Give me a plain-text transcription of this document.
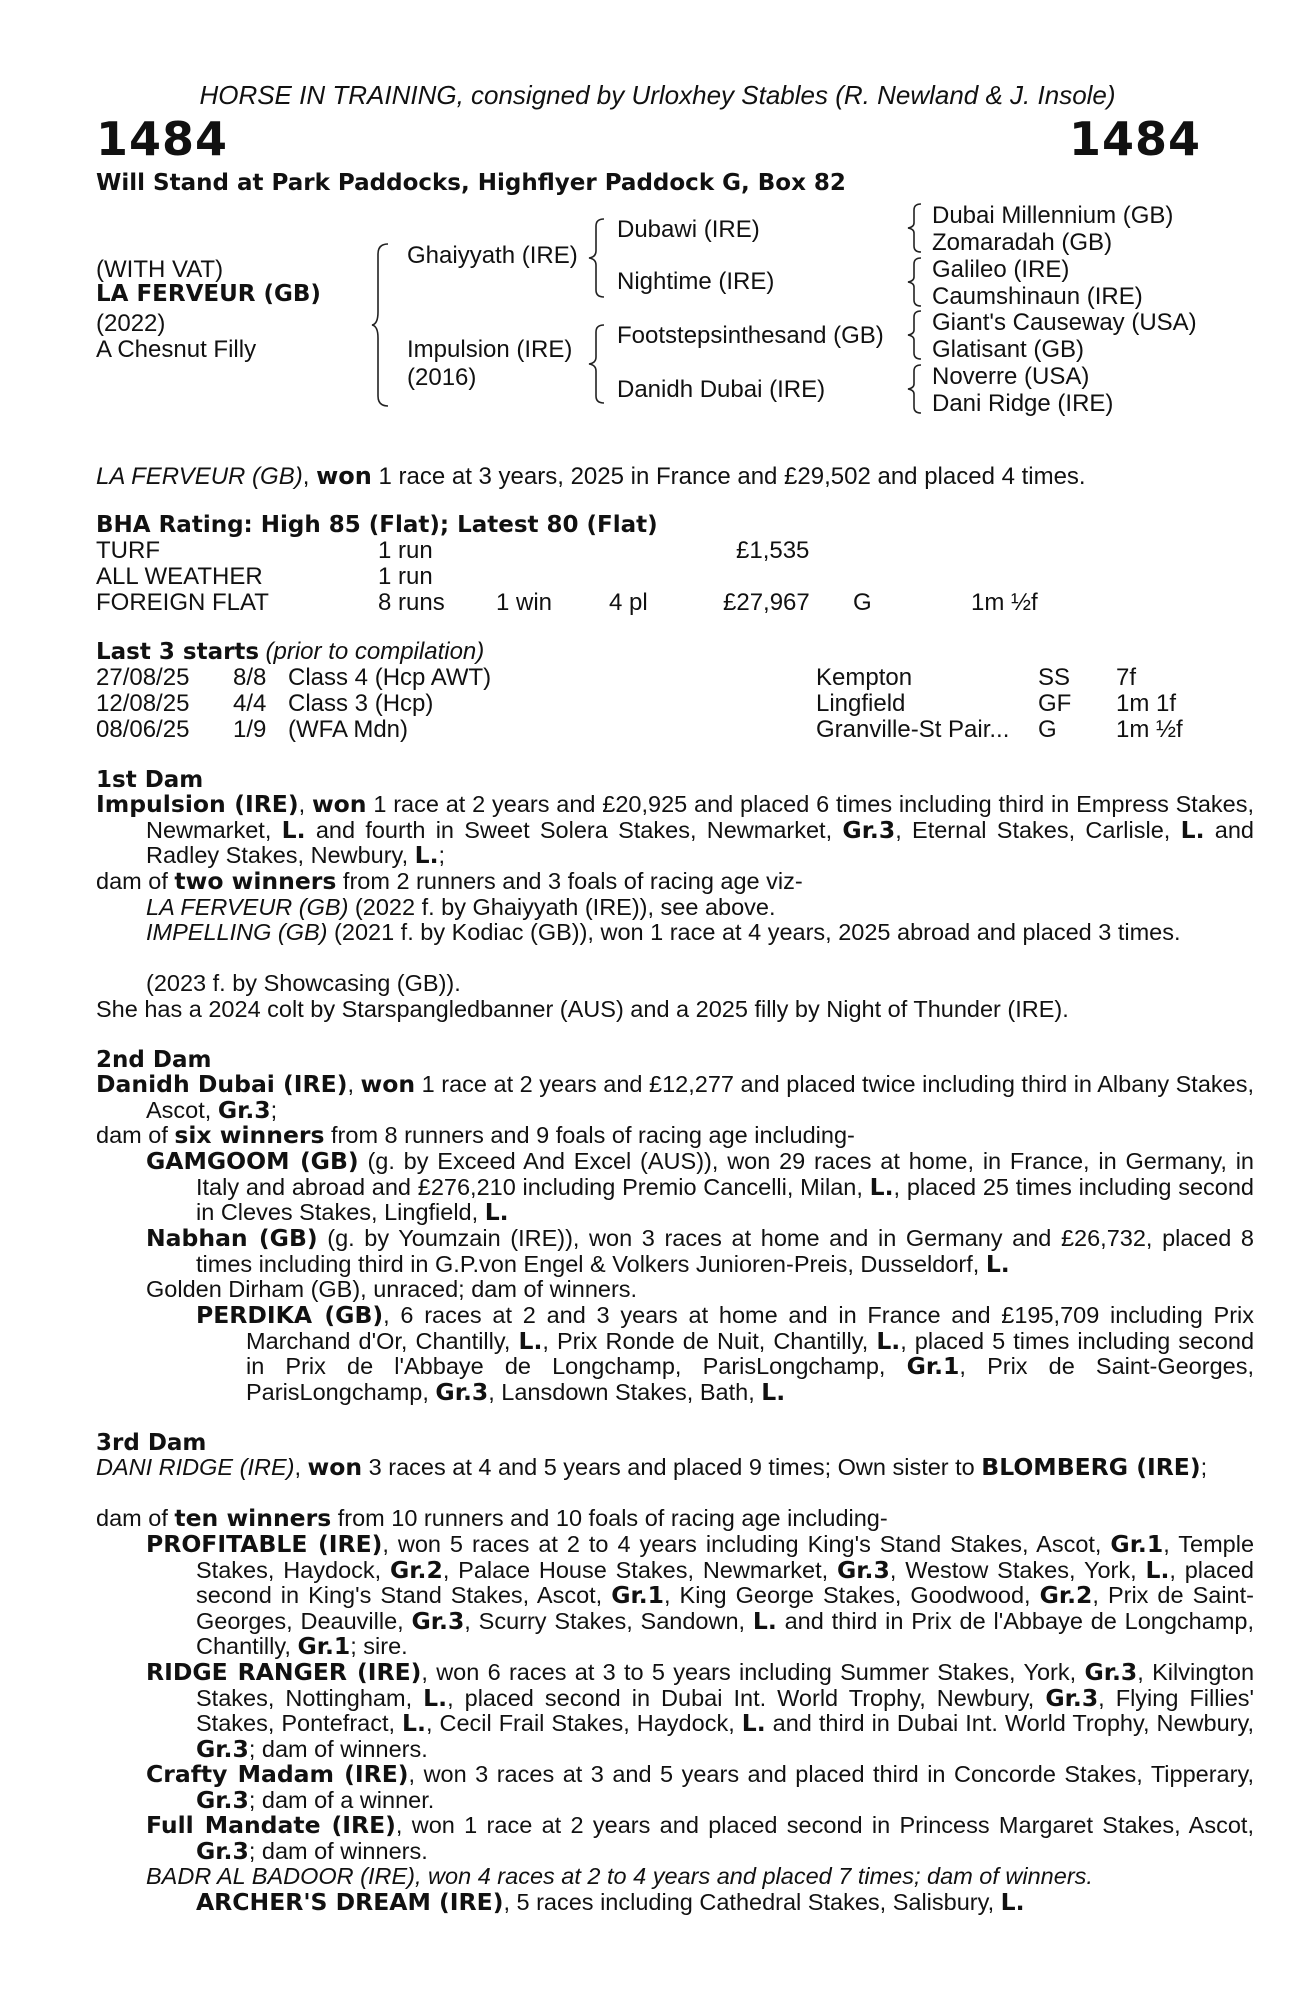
HORSE IN TRAINING, consigned by Urloxhey Stables (R. Newland & J. Insole)
1484	1484
Will Stand at Park Paddocks, Highflyer Paddock G, Box 82
(WITH VAT)
LA FERVEUR (GB)
(2022)
A Chesnut Filly
Ghaiyyath (IRE)
Impulsion (IRE)
(2016)
Dubawi (IRE)
Nightime (IRE)
Footstepsinthesand (GB)
Danidh Dubai (IRE)
Dubai Millennium (GB)
Zomaradah (GB)
Galileo (IRE)
Caumshinaun (IRE)
Giant's Causeway (USA)
Glatisant (GB)
Noverre (USA)
Dani Ridge (IRE)
LA FERVEUR (GB), won 1 race at 3 years, 2025 in France and £29,502 and placed 4 times.
BHA Rating: High 85 (Flat); Latest 80 (Flat)
TURF	1 run	£1,535
ALL WEATHER	1 run
FOREIGN FLAT	8 runs 1 win 4 pl	£27,967 G	1m ½f
Last 3 starts (prior to compilation)
27/08/25 8/8 Class 4 (Hcp AWT)	Kempton	SS 7f
12/08/25 4/4 Class 3 (Hcp)	Lingfield	GF 1m 1f
08/06/25 1/9 (WFA Mdn)	Granville-St Pair... G 1m ½f
1st Dam
Impulsion (IRE), won 1 race at 2 years and £20,925 and placed 6 times including third in Empress Stakes, Newmarket, L. and fourth in Sweet Solera Stakes, Newmarket, Gr.3, Eternal Stakes, Carlisle, L. and Radley Stakes, Newbury, L.;
dam of two winners from 2 runners and 3 foals of racing age viz-
LA FERVEUR (GB) (2022 f. by Ghaiyyath (IRE)), see above.
IMPELLING (GB) (2021 f. by Kodiac (GB)), won 1 race at 4 years, 2025 abroad and placed 3 times.
(2023 f. by Showcasing (GB)).
She has a 2024 colt by Starspangledbanner (AUS) and a 2025 filly by Night of Thunder (IRE).
2nd Dam
Danidh Dubai (IRE), won 1 race at 2 years and £12,277 and placed twice including third in Albany Stakes, Ascot, Gr.3;
dam of six winners from 8 runners and 9 foals of racing age including-
GAMGOOM (GB) (g. by Exceed And Excel (AUS)), won 29 races at home, in France, in Germany, in Italy and abroad and £276,210 including Premio Cancelli, Milan, L., placed 25 times including second in Cleves Stakes, Lingfield, L.
Nabhan (GB) (g. by Youmzain (IRE)), won 3 races at home and in Germany and £26,732, placed 8 times including third in G.P.von Engel & Volkers Junioren-Preis, Dusseldorf, L.
Golden Dirham (GB), unraced; dam of winners.
PERDIKA (GB), 6 races at 2 and 3 years at home and in France and £195,709 including Prix Marchand d'Or, Chantilly, L., Prix Ronde de Nuit, Chantilly, L., placed 5 times including second in Prix de l'Abbaye de Longchamp, ParisLongchamp, Gr.1, Prix de Saint-Georges, ParisLongchamp, Gr.3, Lansdown Stakes, Bath, L.
3rd Dam
DANI RIDGE (IRE), won 3 races at 4 and 5 years and placed 9 times; Own sister to BLOMBERG (IRE);
dam of ten winners from 10 runners and 10 foals of racing age including-
PROFITABLE (IRE), won 5 races at 2 to 4 years including King's Stand Stakes, Ascot, Gr.1, Temple Stakes, Haydock, Gr.2, Palace House Stakes, Newmarket, Gr.3, Westow Stakes, York, L., placed second in King's Stand Stakes, Ascot, Gr.1, King George Stakes, Goodwood, Gr.2, Prix de Saint-Georges, Deauville, Gr.3, Scurry Stakes, Sandown, L. and third in Prix de l'Abbaye de Longchamp, Chantilly, Gr.1; sire.
RIDGE RANGER (IRE), won 6 races at 3 to 5 years including Summer Stakes, York, Gr.3, Kilvington Stakes, Nottingham, L., placed second in Dubai Int. World Trophy, Newbury, Gr.3, Flying Fillies' Stakes, Pontefract, L., Cecil Frail Stakes, Haydock, L. and third in Dubai Int. World Trophy, Newbury, Gr.3; dam of winners.
Crafty Madam (IRE), won 3 races at 3 and 5 years and placed third in Concorde Stakes, Tipperary, Gr.3; dam of a winner.
Full Mandate (IRE), won 1 race at 2 years and placed second in Princess Margaret Stakes, Ascot, Gr.3; dam of winners.
BADR AL BADOOR (IRE), won 4 races at 2 to 4 years and placed 7 times; dam of winners.
ARCHER'S DREAM (IRE), 5 races including Cathedral Stakes, Salisbury, L.
